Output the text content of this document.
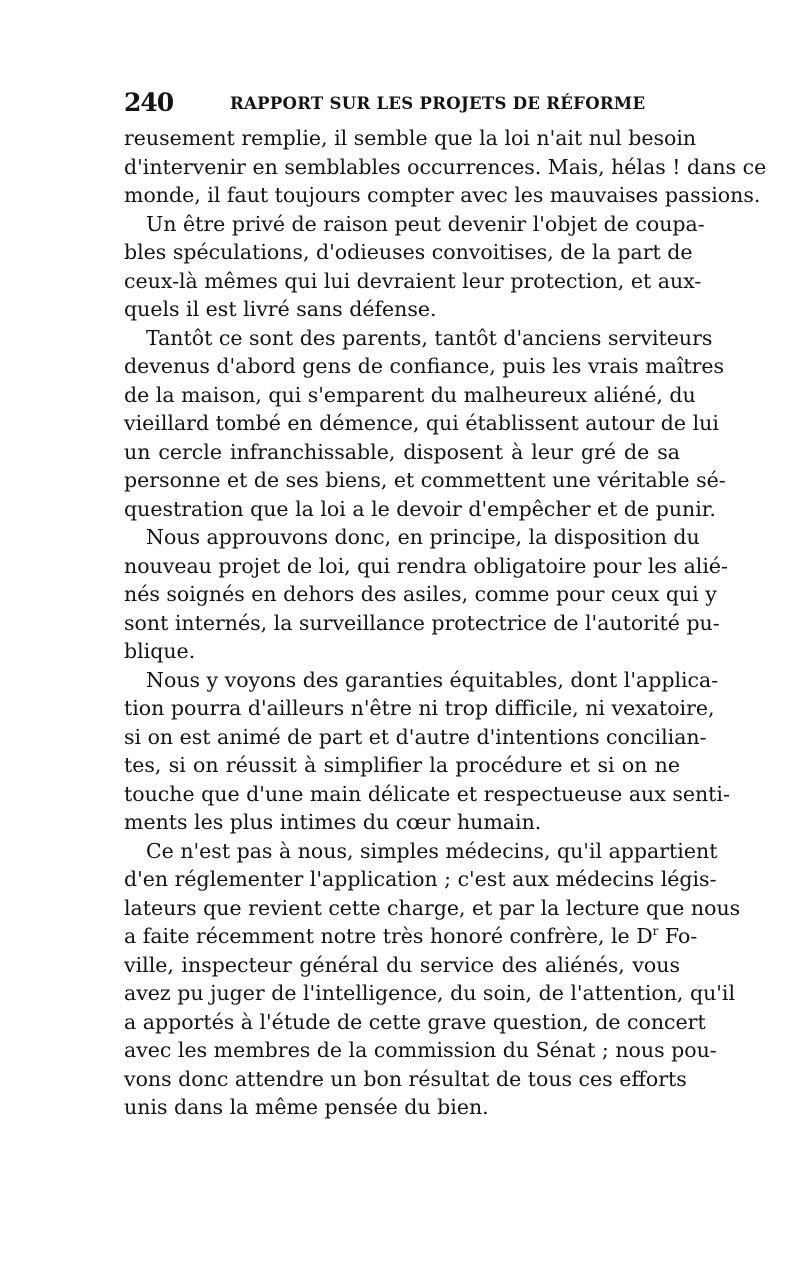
240	RAPPORT SUR LES PROJETS DE RÉFORME
reusement remplie, il semble que la loi n'ait nul besoin
d'intervenir en semblables occurrences. Mais, hélas ! dans ce
monde, il faut toujours compter avec les mauvaises passions.
Un être privé de raison peut devenir l'objet de coupa-
bles spéculations, d'odieuses convoitises, de la part de
ceux-là mêmes qui lui devraient leur protection, et aux-
quels il est livré sans défense.
Tantôt ce sont des parents, tantôt d'anciens serviteurs
devenus d'abord gens de confiance, puis les vrais maîtres
de la maison, qui s'emparent du malheureux aliéné, du
vieillard tombé en démence, qui établissent autour de lui
un cercle infranchissable, disposent à leur gré de sa
personne et de ses biens, et commettent une véritable sé-
questration que la loi a le devoir d'empêcher et de punir.
Nous approuvons donc, en principe, la disposition du
nouveau projet de loi, qui rendra obligatoire pour les alié-
nés soignés en dehors des asiles, comme pour ceux qui y
sont internés, la surveillance protectrice de l'autorité pu-
blique.
Nous y voyons des garanties équitables, dont l'applica-
tion pourra d'ailleurs n'être ni trop difficile, ni vexatoire,
si on est animé de part et d'autre d'intentions concilian-
tes, si on réussit à simplifier la procédure et si on ne
touche que d'une main délicate et respectueuse aux senti-
ments les plus intimes du cœur humain.
Ce n'est pas à nous, simples médecins, qu'il appartient
d'en réglementer l'application ; c'est aux médecins légis-
lateurs que revient cette charge, et par la lecture que nous
a faite récemment notre très honoré confrère, le $D^r$ Fo-
ville, inspecteur général du service des aliénés, vous
avez pu juger de l'intelligence, du soin, de l'attention, qu'il
a apportés à l'étude de cette grave question, de concert
avec les membres de la commission du Sénat ; nous pou-
vons donc attendre un bon résultat de tous ces efforts
unis dans la même pensée du bien.
